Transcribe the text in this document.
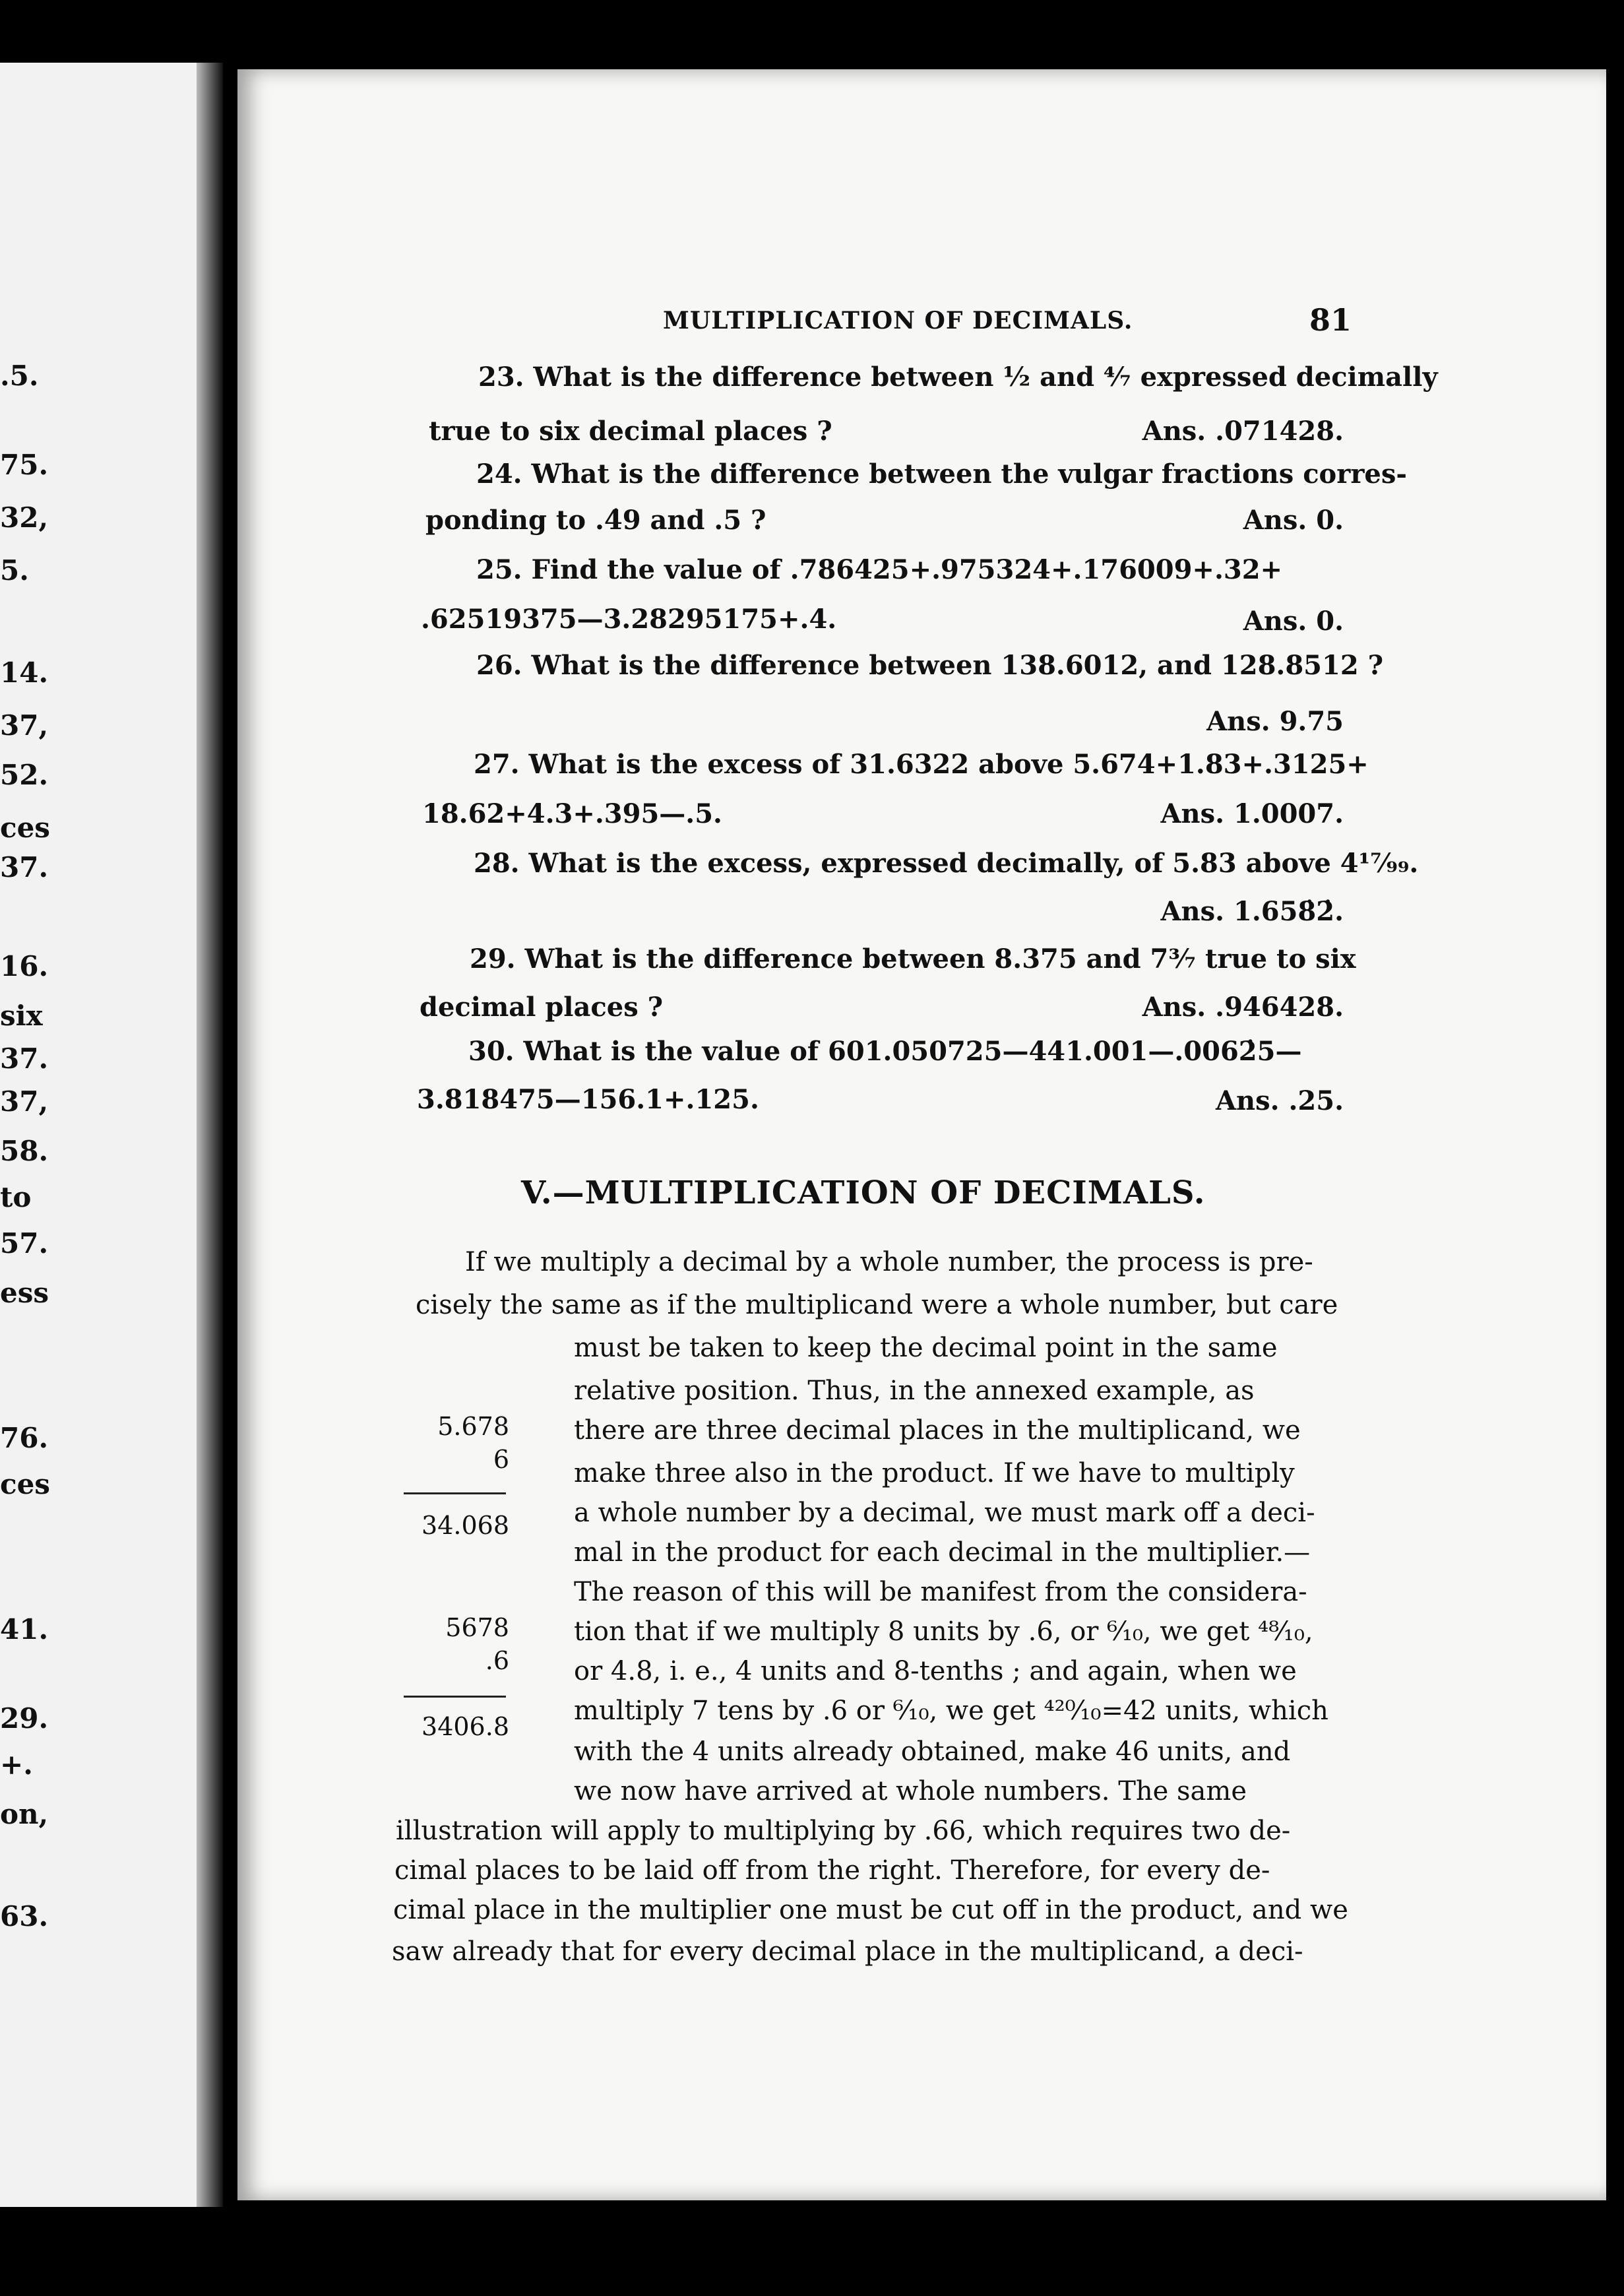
.5.
75.
32,
5.
14.
37,
52.
ces
37.
16.
six
37.
37,
58.
to
57.
ess
76.
ces
41.
29.
+.
on,
63.
MULTIPLICATION OF DECIMALS.	81
23. What is the difference between ½ and ⁴⁄₇ expressed decimally
true to six decimal places ?	Ans. .071428.
24. What is the difference between the vulgar fractions corres-
ponding to .4̇9 and .5 ?	Ans. 0.
25. Find the value of .786425+.975324+.176009+.32+
.62519375—3.28295175+.4.	Ans. 0.
26. What is the difference between 138.6012, and 128.8512 ?
Ans. 9.75
27. What is the excess of 31.6322 above 5.674+1.83+.3125+
18.62+4.3+.395—.5.	Ans. 1.0007.
28. What is the excess, expressed decimally, of 5.83 above 4¹⁷⁄₉₉.
Ans. 1.658̇2̇.
29. What is the difference between 8.375 and 7³⁄₇ true to six
decimal places ?	Ans. .946428.
30. What is the value of 601.050725—441.001—.0062̇5—
3.818475—156.1+.125.	Ans. .25.
V.—MULTIPLICATION OF DECIMALS.
If we multiply a decimal by a whole number, the process is pre-
cisely the same as if the multiplicand were a whole number, but care
must be taken to keep the decimal point in the same
relative position. Thus, in the annexed example, as
there are three decimal places in the multiplicand, we
make three also in the product. If we have to multiply
a whole number by a decimal, we must mark off a deci-
mal in the product for each decimal in the multiplier.—
The reason of this will be manifest from the considera-
tion that if we multiply 8 units by .6, or ⁶⁄₁₀, we get ⁴⁸⁄₁₀,
or 4.8, i. e., 4 units and 8-tenths ; and again, when we
multiply 7 tens by .6 or ⁶⁄₁₀, we get ⁴²⁰⁄₁₀=42 units, which
with the 4 units already obtained, make 46 units, and
we now have arrived at whole numbers. The same
illustration will apply to multiplying by .66, which requires two de-
cimal places to be laid off from the right. Therefore, for every de-
cimal place in the multiplier one must be cut off in the product, and we
saw already that for every decimal place in the multiplicand, a deci-
5.678
6
34.068
5678
.6
3406.8
